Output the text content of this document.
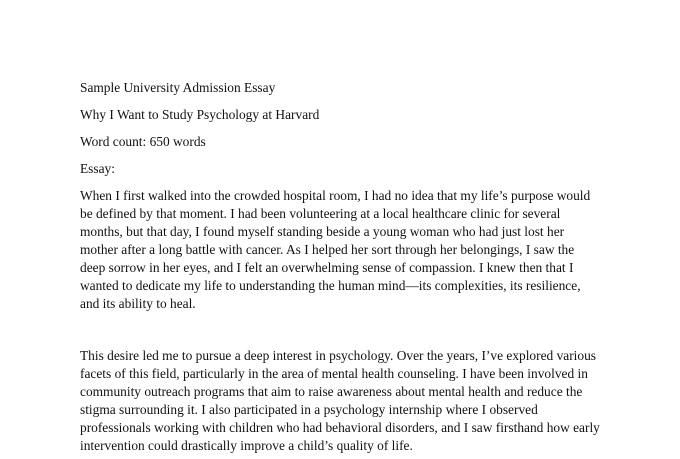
Sample University Admission Essay
Why I Want to Study Psychology at Harvard
Word count: 650 words
Essay:
When I first walked into the crowded hospital room, I had no idea that my life’s purpose would
be defined by that moment. I had been volunteering at a local healthcare clinic for several
months, but that day, I found myself standing beside a young woman who had just lost her
mother after a long battle with cancer. As I helped her sort through her belongings, I saw the
deep sorrow in her eyes, and I felt an overwhelming sense of compassion. I knew then that I
wanted to dedicate my life to understanding the human mind—its complexities, its resilience,
and its ability to heal.
This desire led me to pursue a deep interest in psychology. Over the years, I’ve explored various
facets of this field, particularly in the area of mental health counseling. I have been involved in
community outreach programs that aim to raise awareness about mental health and reduce the
stigma surrounding it. I also participated in a psychology internship where I observed
professionals working with children who had behavioral disorders, and I saw firsthand how early
intervention could drastically improve a child’s quality of life.
